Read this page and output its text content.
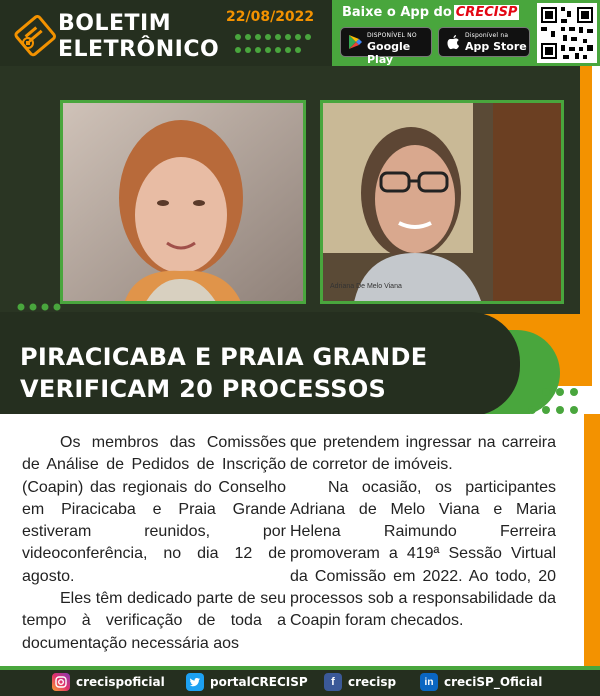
BOLETIM
ELETRÔNICO
22/08/2022 Baixe o App do CRECISP
DISPONÍVEL NO
Google Play
Disponível na
App Store
Adriana De Melo Viana
PIRACICABA E PRAIA GRANDE
VERIFICAM 20 PROCESSOS

Os membros das Comissões de Análise de Pedidos de Inscrição (Coapin) das regionais do Conselho em Piracicaba e Praia Grande estiveram reunidos, por videoconferência, no dia 12 de agosto.

Eles têm dedicado parte de seu tempo à verificação de toda a documentação necessária aos

que pretendem ingressar na carreira de corretor de imóveis.

Na ocasião, os participantes Adriana de Melo Viana e Maria Helena Raimundo Ferreira promoveram a 419ª Sessão Virtual da Comissão em 2022. Ao todo, 20 processos sob a responsabilidade da Coapin foram checados.

crecispoficial	portalCRECISP	f	crecisp	in creciSP_Oficial
